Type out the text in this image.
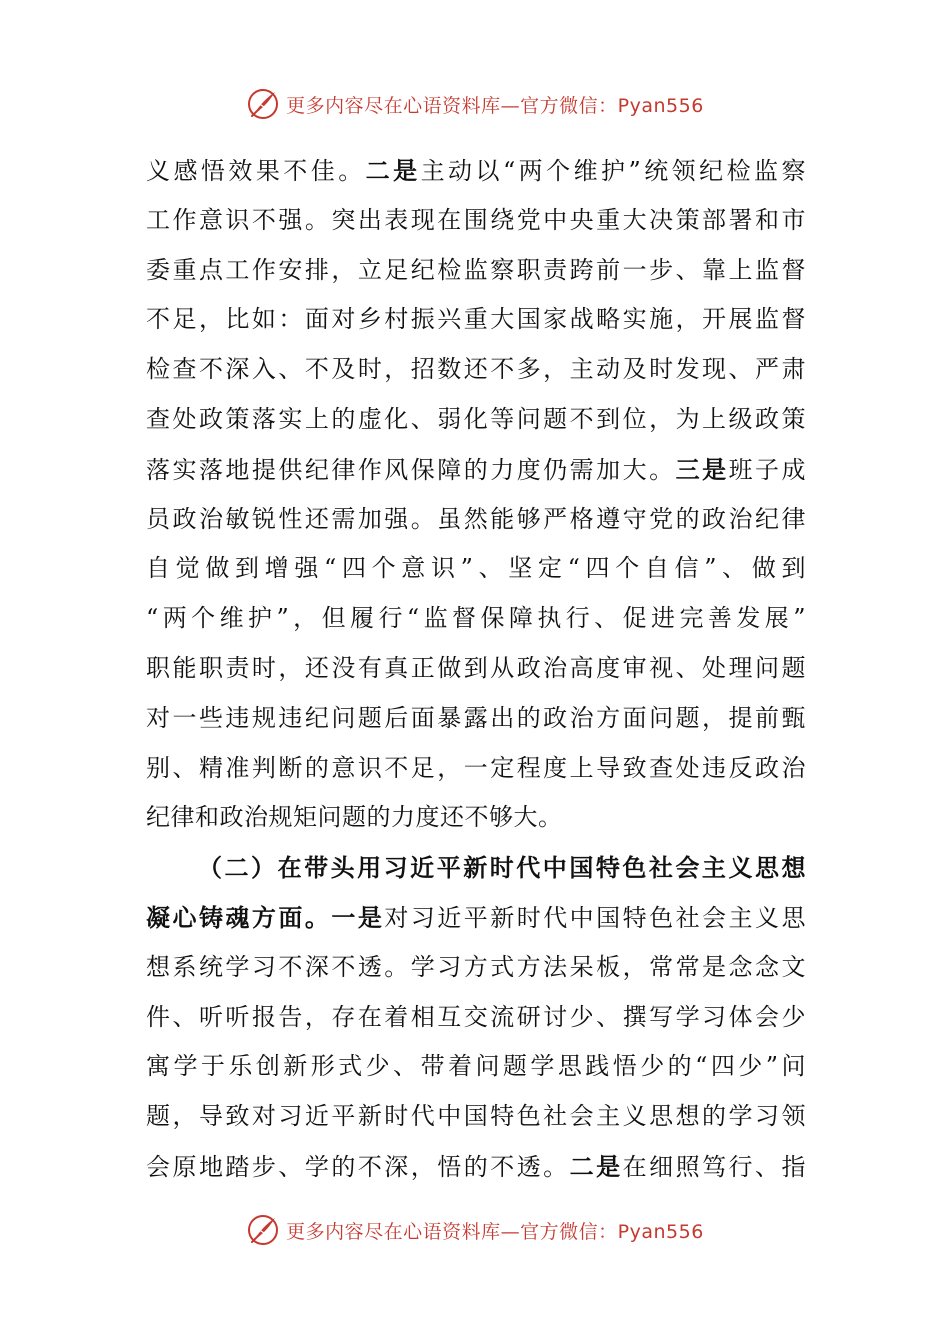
更多内容尽在心语资料库—官方微信：Pyan556
义感悟效果不佳。二是主动以“两个维护”统领纪检监察
工作意识不强。突出表现在围绕党中央重大决策部署和市
委重点工作安排，立足纪检监察职责跨前一步、靠上监督
不足，比如：面对乡村振兴重大国家战略实施，开展监督
检查不深入、不及时，招数还不多，主动及时发现、严肃
查处政策落实上的虚化、弱化等问题不到位，为上级政策
落实落地提供纪律作风保障的力度仍需加大。三是班子成
员政治敏锐性还需加强。虽然能够严格遵守党的政治纪律
自觉做到增强“四个意识”、坚定“四个自信”、做到
“两个维护”，但履行“监督保障执行、促进完善发展”
职能职责时，还没有真正做到从政治高度审视、处理问题
对一些违规违纪问题后面暴露出的政治方面问题，提前甄
别、精准判断的意识不足，一定程度上导致查处违反政治
纪律和政治规矩问题的力度还不够大。
（二）在带头用习近平新时代中国特色社会主义思想
凝心铸魂方面。一是对习近平新时代中国特色社会主义思
想系统学习不深不透。学习方式方法呆板，常常是念念文
件、听听报告，存在着相互交流研讨少、撰写学习体会少
寓学于乐创新形式少、带着问题学思践悟少的“四少”问
题，导致对习近平新时代中国特色社会主义思想的学习领
会原地踏步、学的不深，悟的不透。二是在细照笃行、指
更多内容尽在心语资料库—官方微信：Pyan556
